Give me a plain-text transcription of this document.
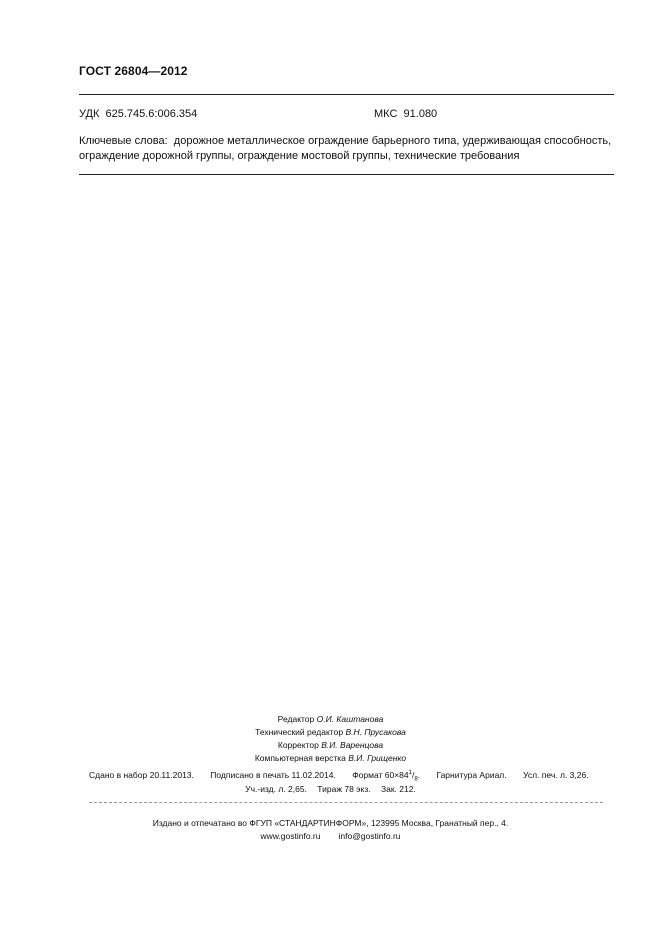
ГОСТ 26804—2012
УДК 625.745.6:006.354	МКС 91.080
Ключевые слова: дорожное металлическое ограждение барьерного типа, удерживающая способность, ограждение дорожной группы, ограждение мостовой группы, технические требования
Редактор О.И. Каштанова
Технический редактор В.Н. Прусакова
Корректор В.И. Варенцова
Компьютерная верстка В.И. Грищенко
Сдано в набор 20.11.2013. Подписано в печать 11.02.2014. Формат $60\times 84^1/_8$. Гарнитура Ариал. Усл. печ. л. 3,26.
Уч.-изд. л. 2,65. Тираж 78 экз. Зак. 212.
Издано и отпечатано во ФГУП «СТАНДАРТИНФОРМ», 123995 Москва, Гранатный пер., 4.
www.gostinfo.ru info@gostinfo.ru
